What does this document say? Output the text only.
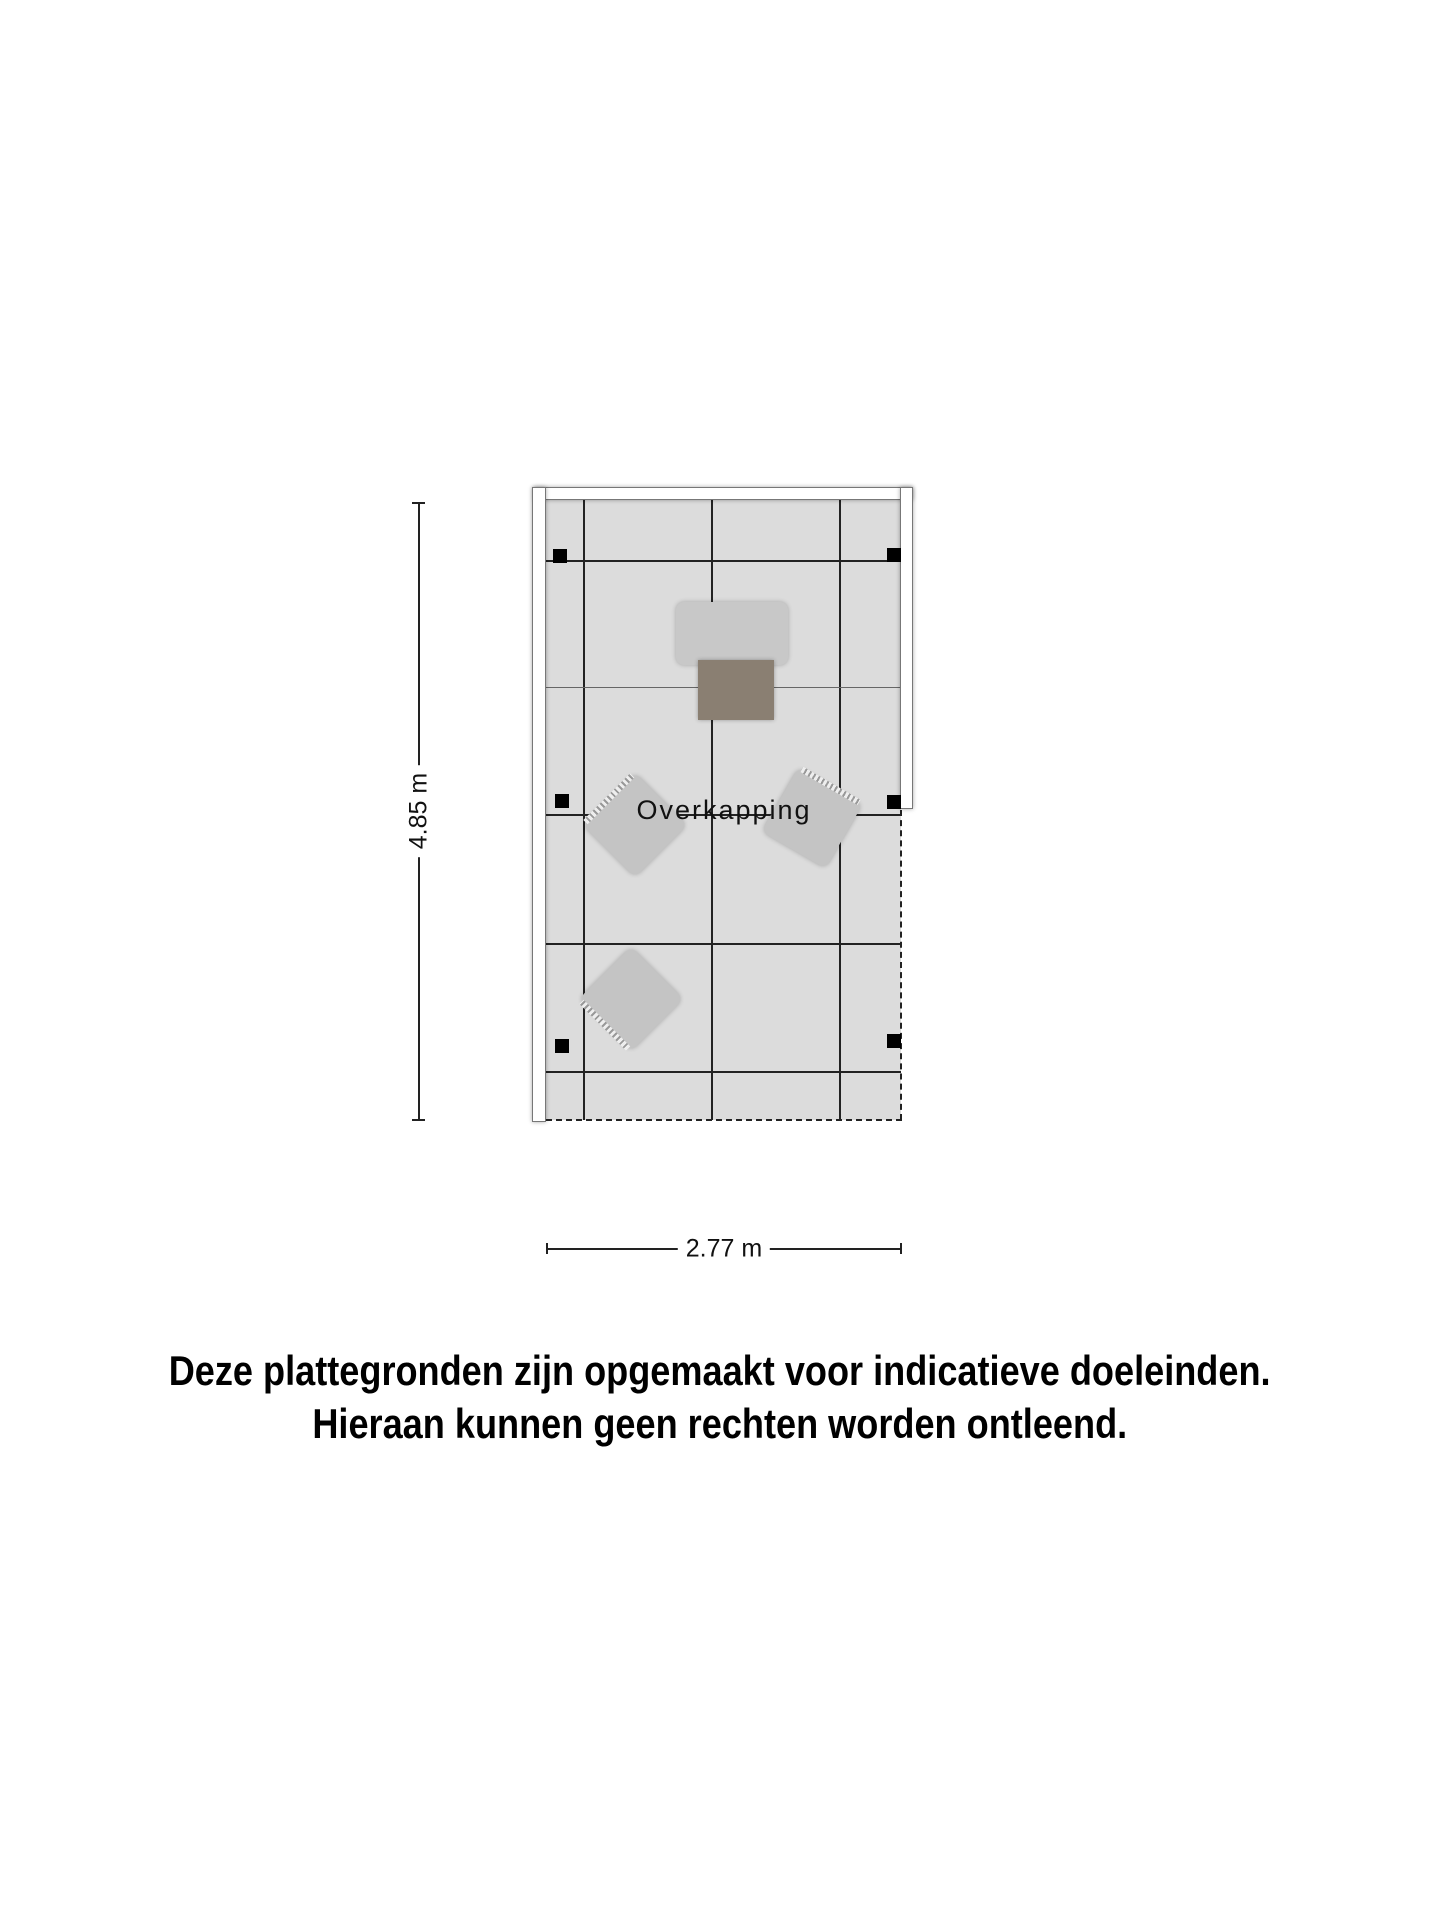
Overkapping
4.85 m
2.77 m
Deze plattegronden zijn opgemaakt voor indicatieve doeleinden.
Hieraan kunnen geen rechten worden ontleend.
